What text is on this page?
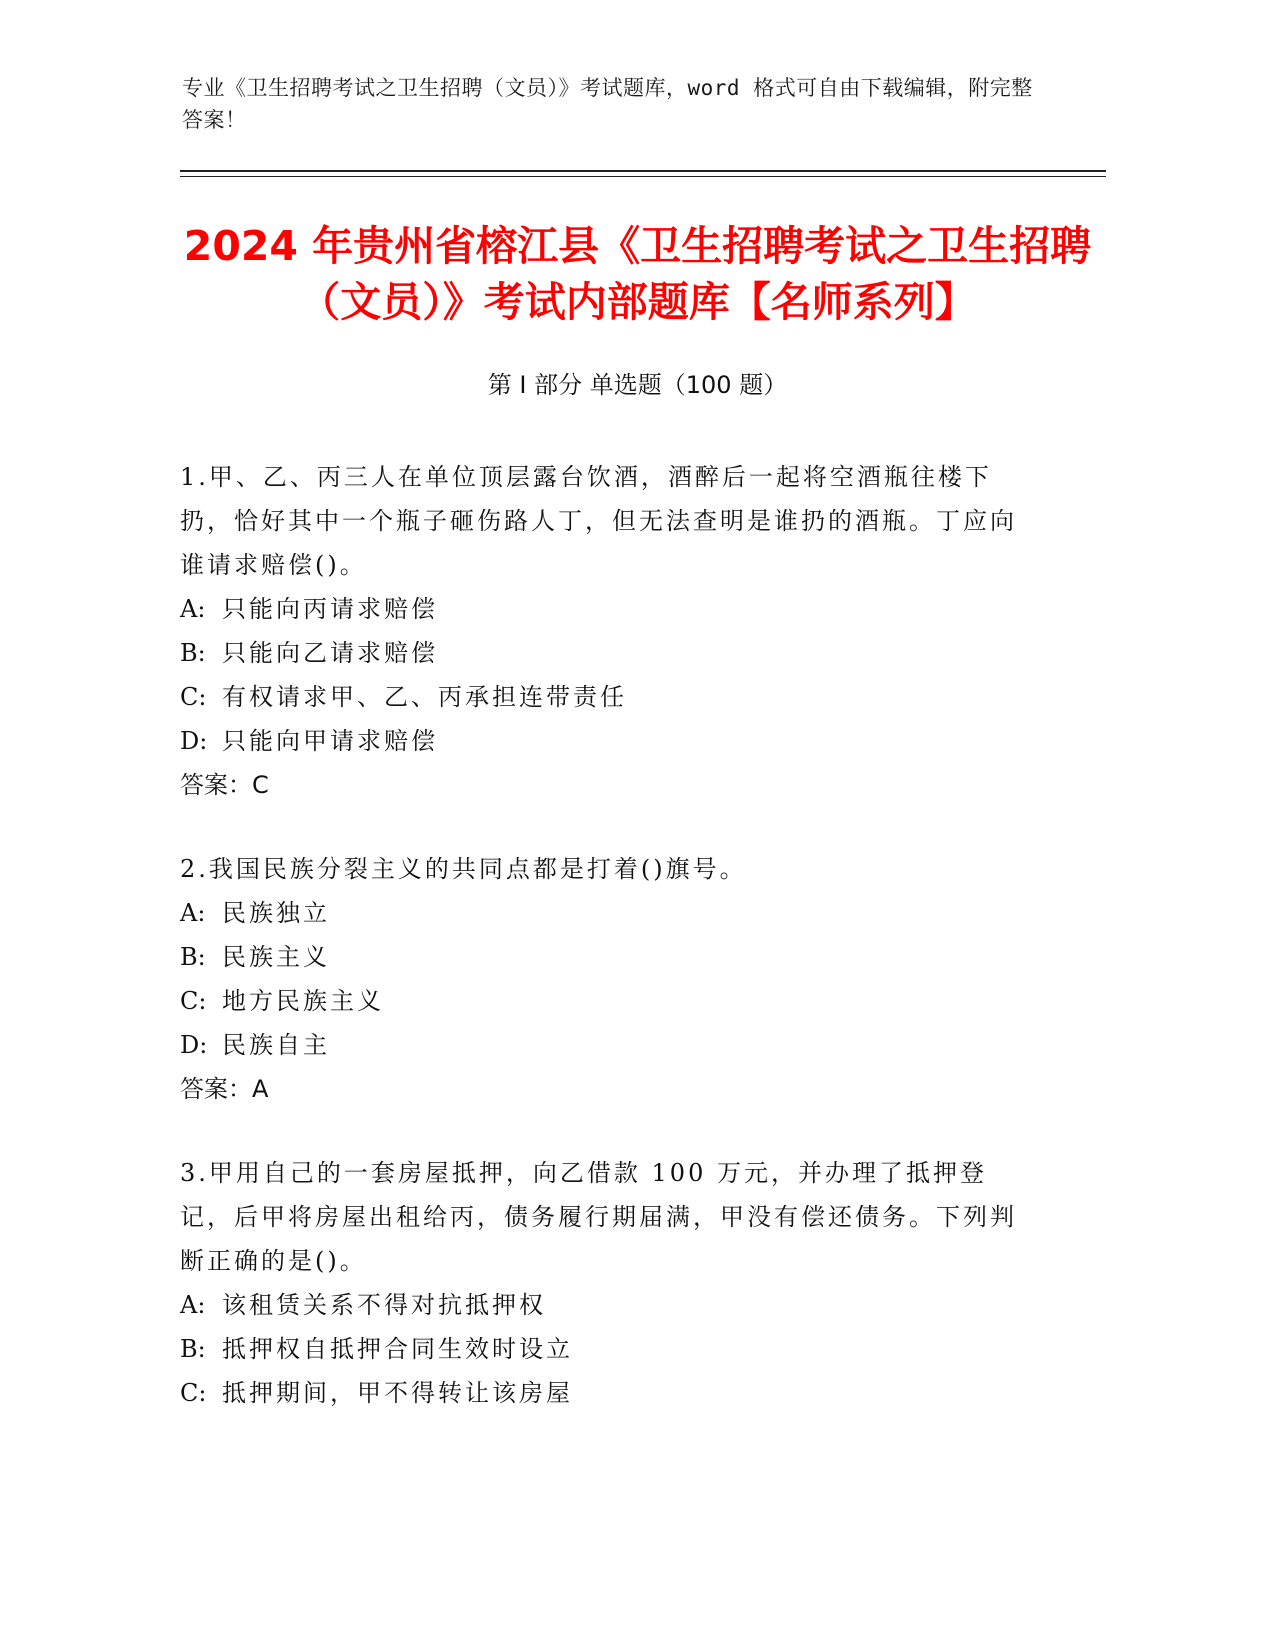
专业《卫生招聘考试之卫生招聘（文员）》考试题库，word 格式可自由下载编辑，附完整答案！
2024 年贵州省榕江县《卫生招聘考试之卫生招聘（文员）》考试内部题库【名师系列】
第 I 部分 单选题（100 题）
1.甲、乙、丙三人在单位顶层露台饮酒，酒醉后一起将空酒瓶往楼下扔，恰好其中一个瓶子砸伤路人丁，但无法查明是谁扔的酒瓶。丁应向谁请求赔偿()。
A: 只能向丙请求赔偿
B: 只能向乙请求赔偿
C: 有权请求甲、乙、丙承担连带责任
D: 只能向甲请求赔偿
答案：C
2.我国民族分裂主义的共同点都是打着()旗号。
A: 民族独立
B: 民族主义
C: 地方民族主义
D: 民族自主
答案：A
3.甲用自己的一套房屋抵押，向乙借款 100 万元，并办理了抵押登记，后甲将房屋出租给丙，债务履行期届满，甲没有偿还债务。下列判断正确的是()。
A: 该租赁关系不得对抗抵押权
B: 抵押权自抵押合同生效时设立
C: 抵押期间，甲不得转让该房屋
